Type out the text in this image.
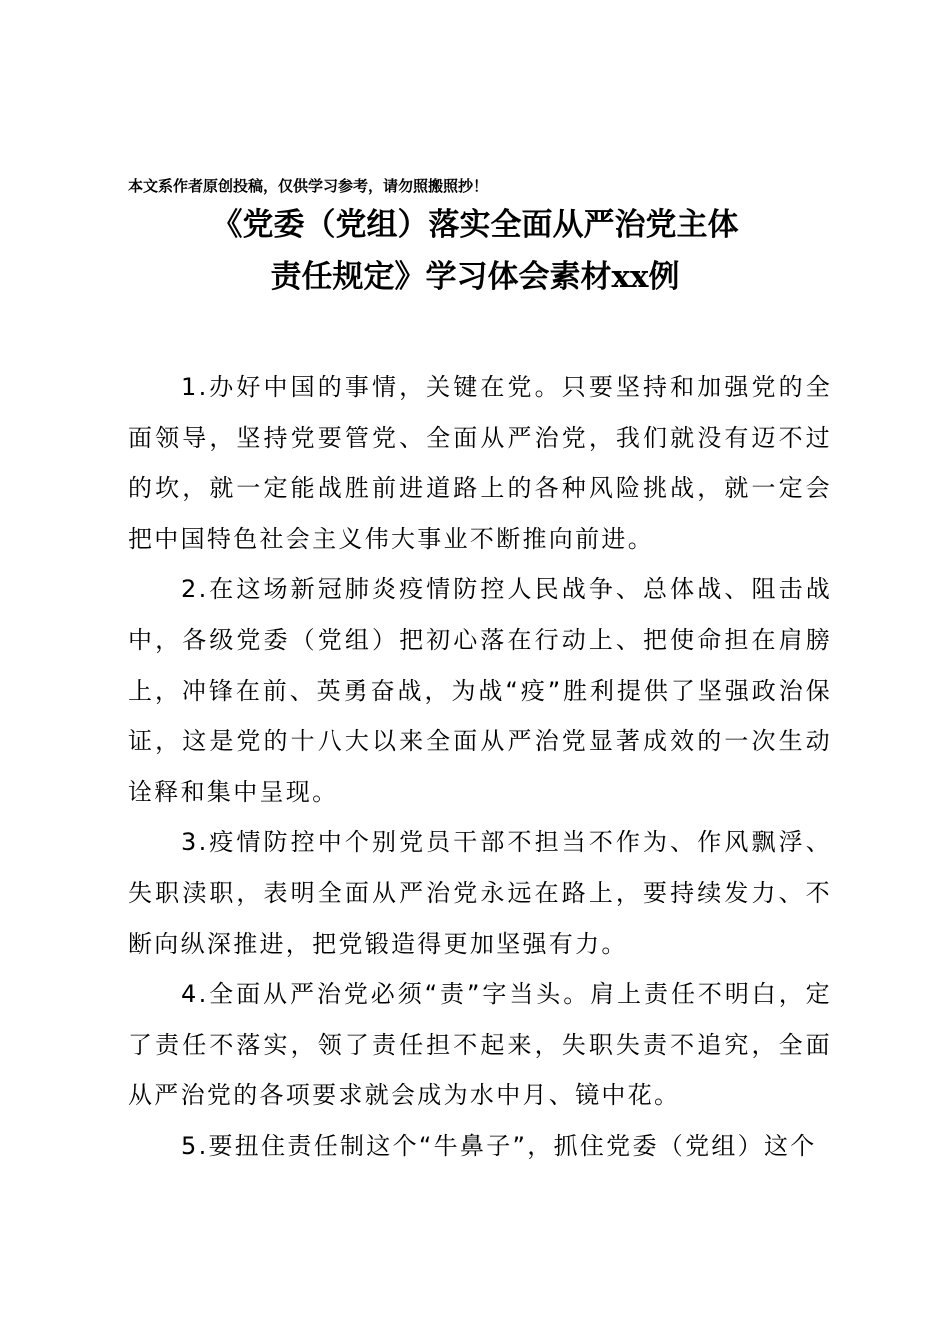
本文系作者原创投稿，仅供学习参考，请勿照搬照抄！
《党委（党组）落实全面从严治党主体
责任规定》学习体会素材xx例

1.办好中国的事情，关键在党。只要坚持和加强党的全面领导，坚持党要管党、全面从严治党，我们就没有迈不过的坎，就一定能战胜前进道路上的各种风险挑战，就一定会把中国特色社会主义伟大事业不断推向前进。

2.在这场新冠肺炎疫情防控人民战争、总体战、阻击战中，各级党委（党组）把初心落在行动上、把使命担在肩膀上，冲锋在前、英勇奋战，为战“疫”胜利提供了坚强政治保证，这是党的十八大以来全面从严治党显著成效的一次生动诠释和集中呈现。

3.疫情防控中个别党员干部不担当不作为、作风飘浮、失职渎职，表明全面从严治党永远在路上，要持续发力、不断向纵深推进，把党锻造得更加坚强有力。

4.全面从严治党必须“责”字当头。肩上责任不明白，定了责任不落实，领了责任担不起来，失职失责不追究，全面从严治党的各项要求就会成为水中月、镜中花。

5.要扭住责任制这个“牛鼻子”，抓住党委（党组）这个
